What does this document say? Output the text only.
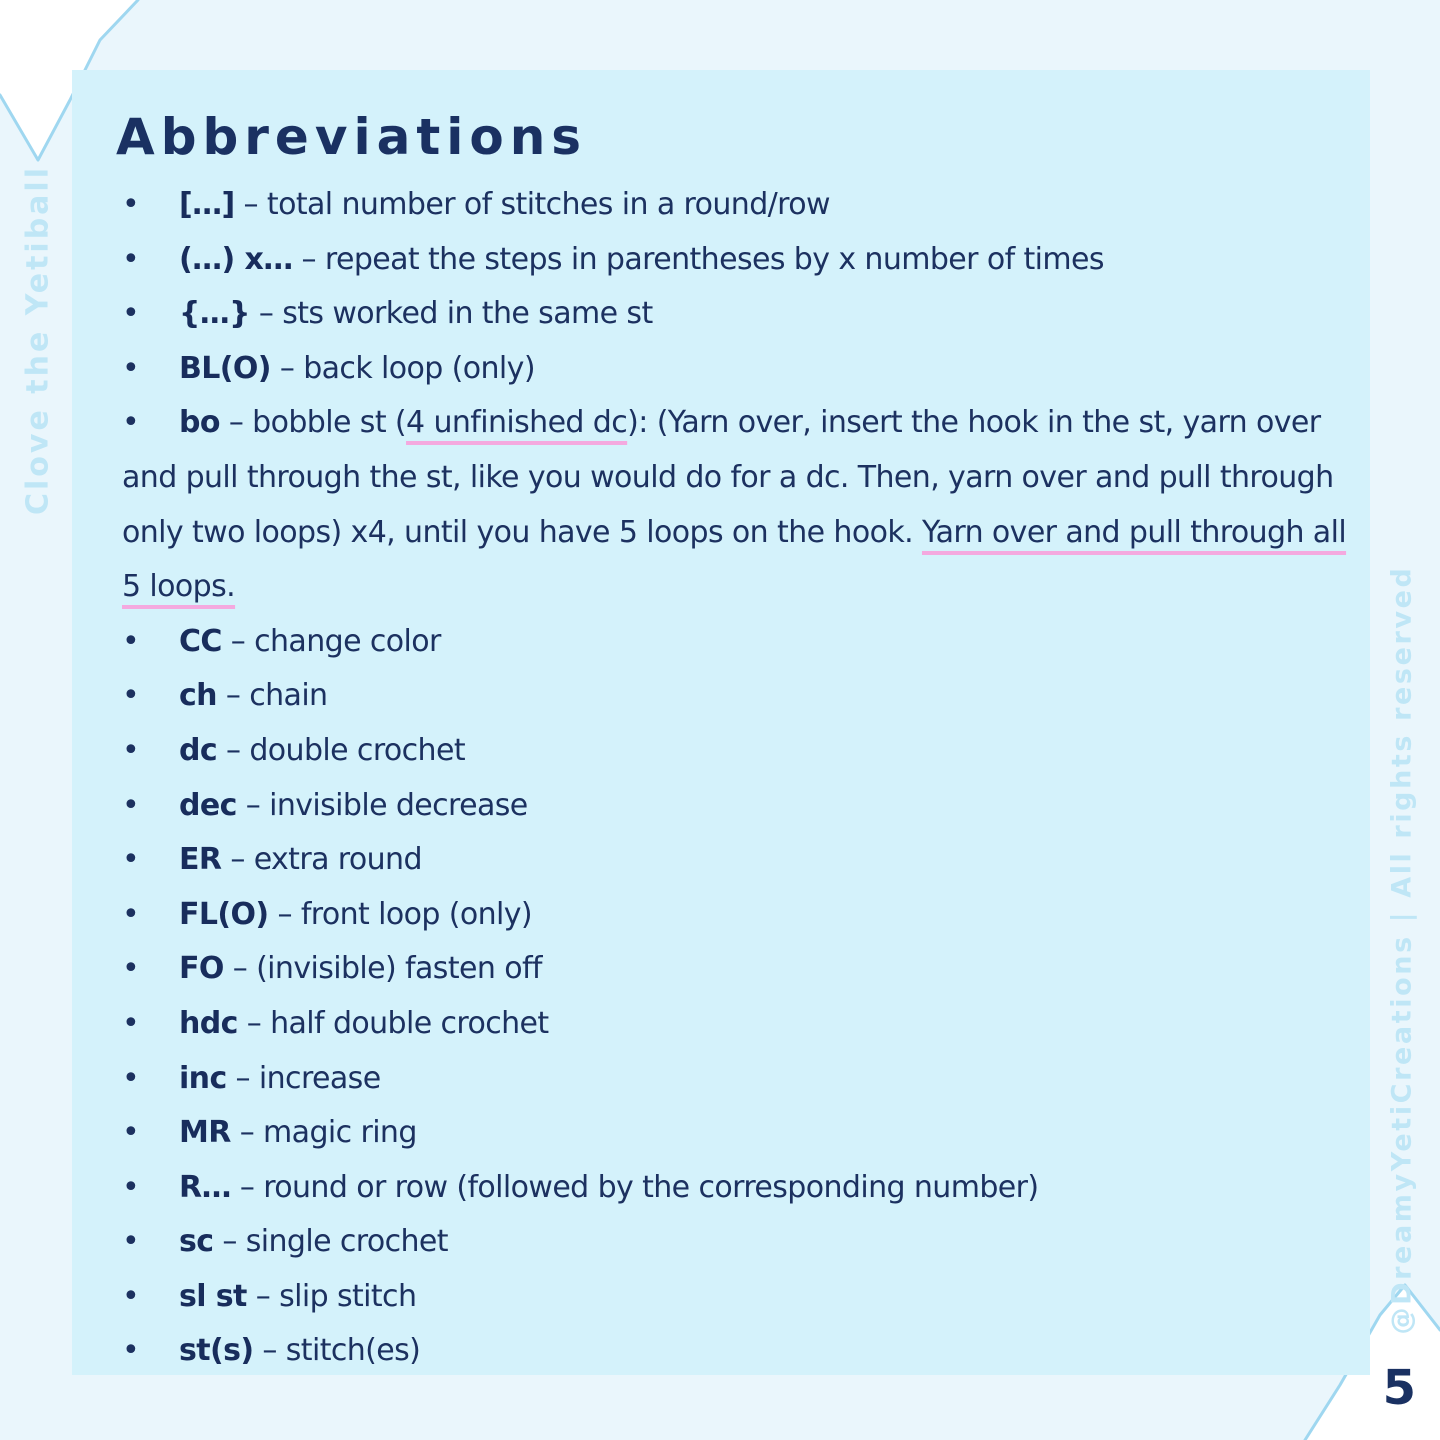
Abbreviations
• […] – total number of stitches in a round/row
• (…) x… – repeat the steps in parentheses by x number of times
• {…} – sts worked in the same st
• BL(O) – back loop (only)
• bo – bobble st (4 unfinished dc): (Yarn over, insert the hook in the st, yarn over and pull through the st, like you would do for a dc. Then, yarn over and pull through only two loops) x4, until you have 5 loops on the hook. Yarn over and pull through all 5 loops.
• CC – change color
• ch – chain
• dc – double crochet
• dec – invisible decrease
• ER – extra round
• FL(O) – front loop (only)
• FO – (invisible) fasten off
• hdc – half double crochet
• inc – increase
• MR – magic ring
• R… – round or row (followed by the corresponding number)
• sc – single crochet
• sl st – slip stitch
• st(s) – stitch(es)
Clove the Yetiball
@DreamyYetiCreations | All rights reserved
5
